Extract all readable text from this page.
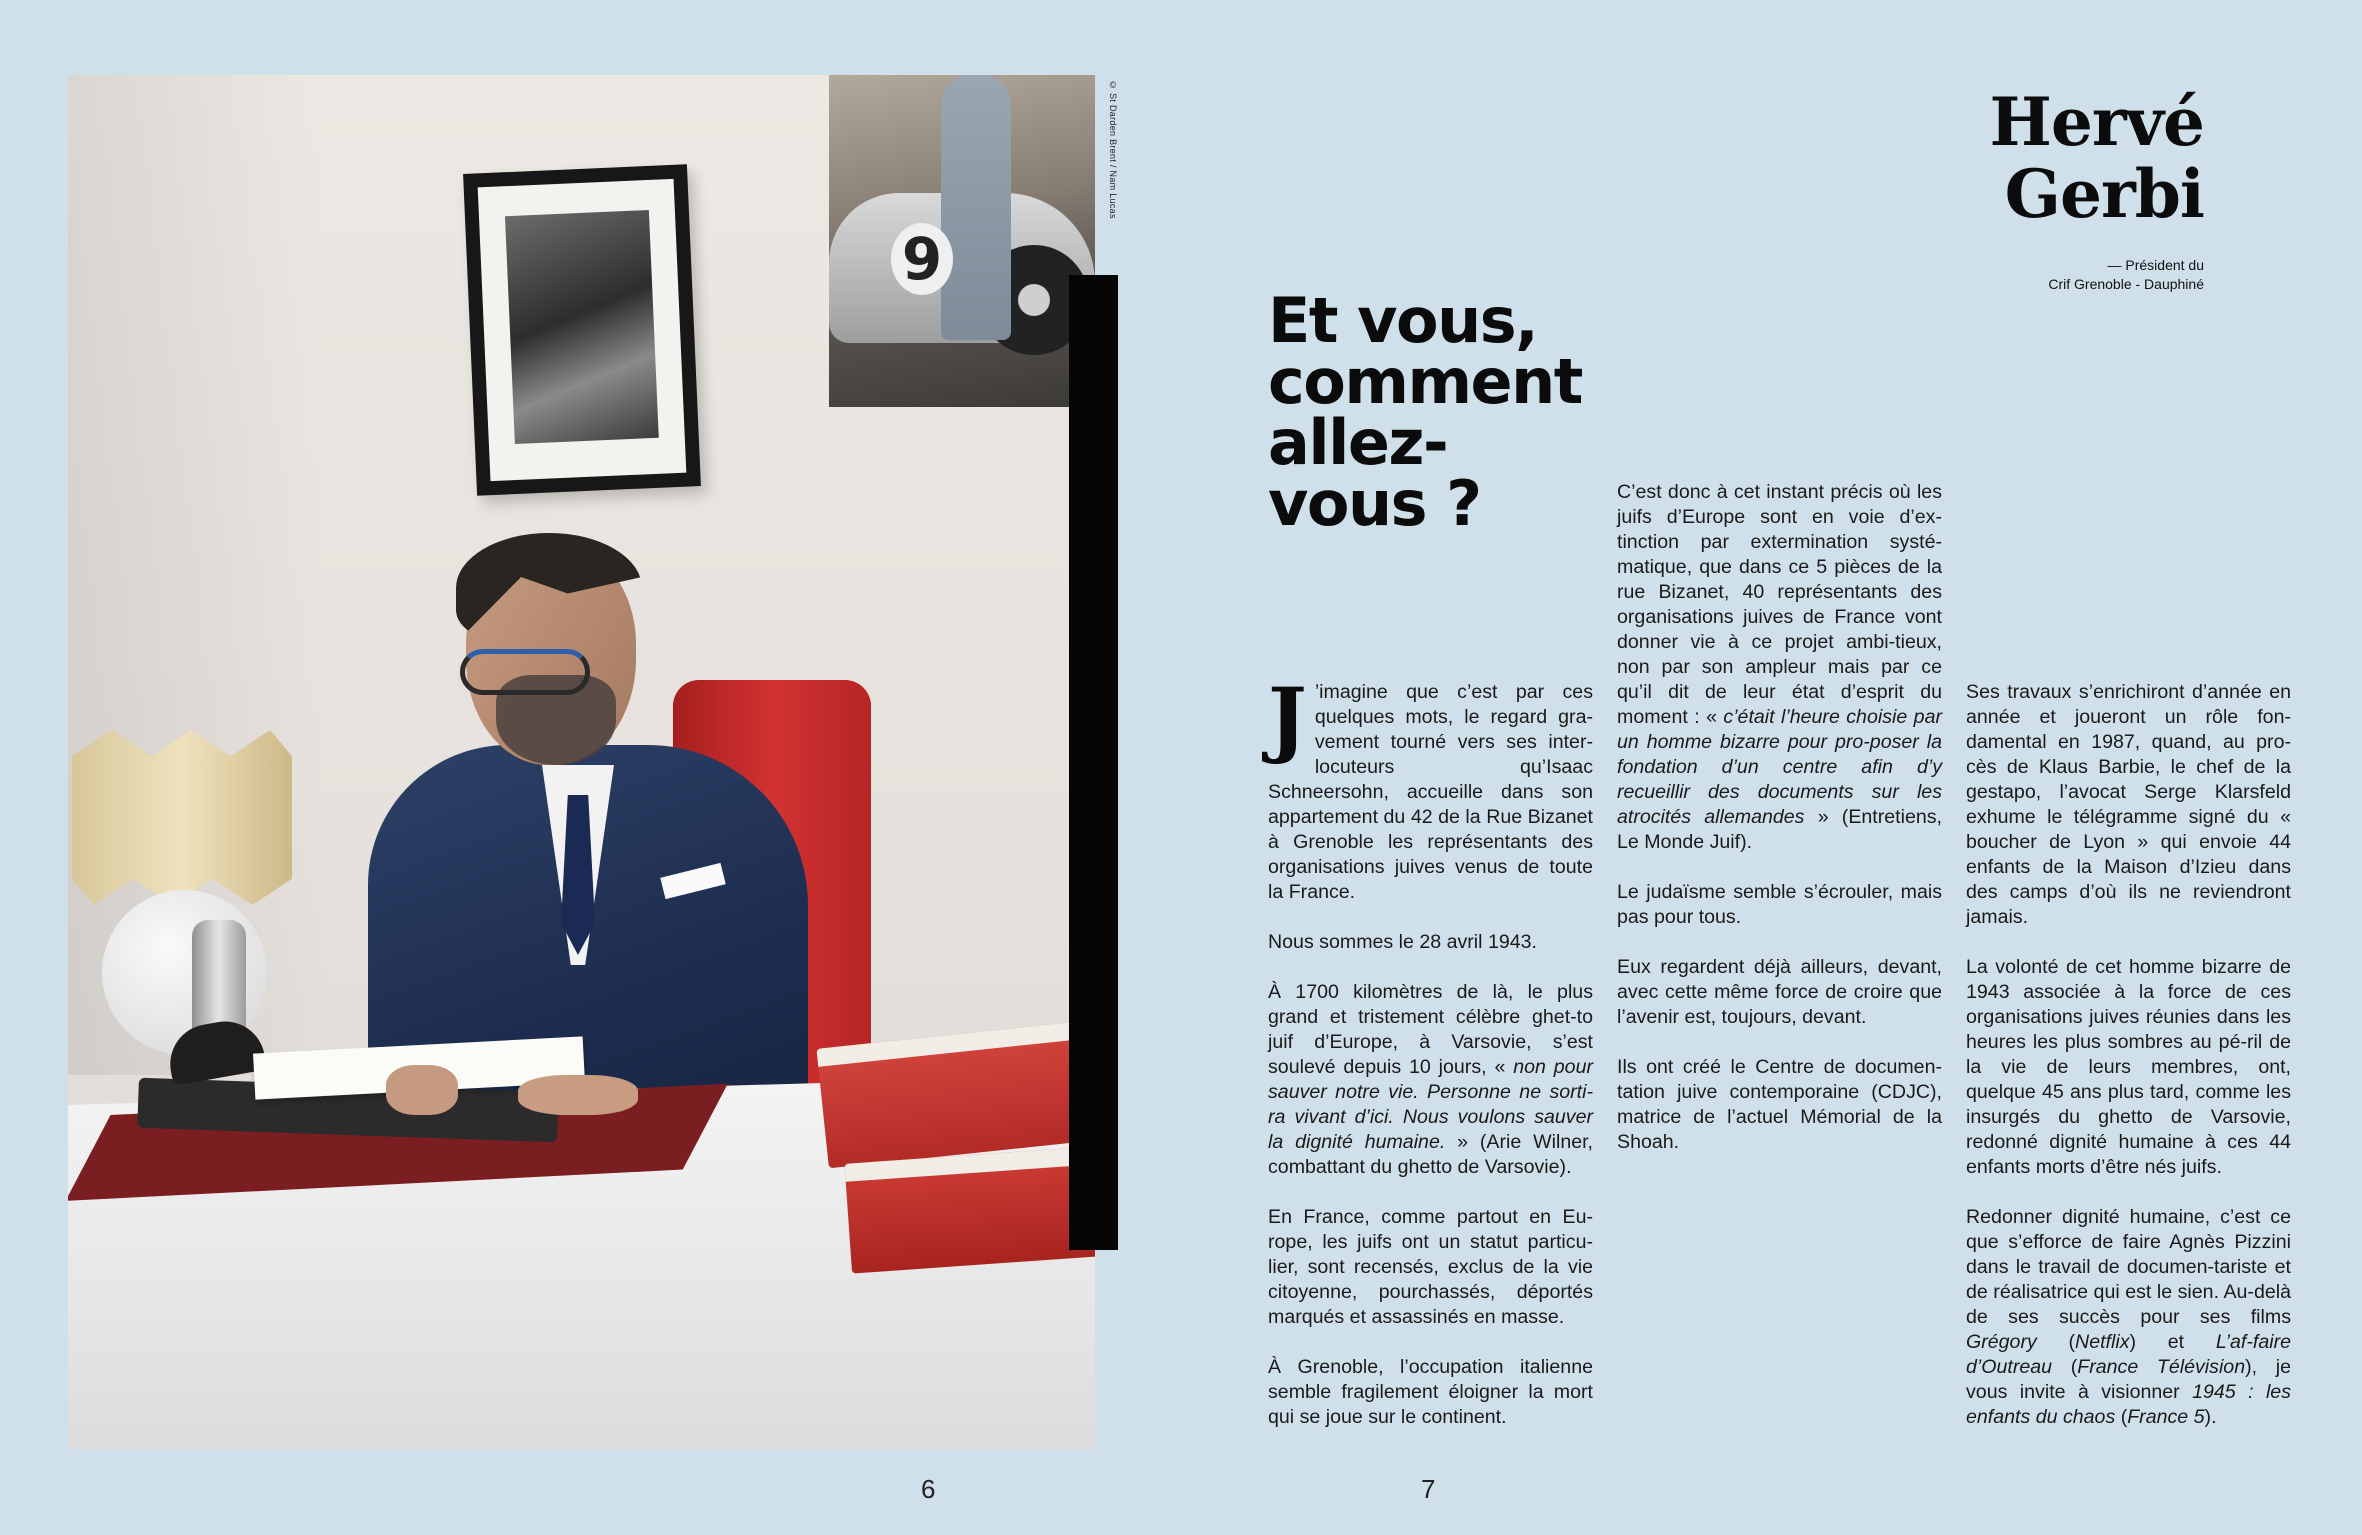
9
© St Darden Brent / Nam Lucas	Hervé
Gerbi
— Président du
Crif Grenoble - Dauphiné
Et vous,
comment
allez-
vous ?

J ’imagine que c’est par ces quelques mots, le regard gra-vement tourné vers ses inter-locuteurs qu’Isaac Schneersohn, accueille dans son appartement du 42 de la Rue Bizanet à Grenoble les représentants des organisations juives venus de toute la France.

Nous sommes le 28 avril 1943.

À 1700 kilomètres de là, le plus grand et tristement célèbre ghet-to juif d’Europe, à Varsovie, s’est soulevé depuis 10 jours, « non pour sauver notre vie. Personne ne sorti-ra vivant d’ici. Nous voulons sauver la dignité humaine. » (Arie Wilner, combattant du ghetto de Varsovie).

En France, comme partout en Eu-rope, les juifs ont un statut particu-lier, sont recensés, exclus de la vie citoyenne, pourchassés, déportés marqués et assassinés en masse.

À Grenoble, l’occupation italienne semble fragilement éloigner la mort qui se joue sur le continent.

C’est donc à cet instant précis où les juifs d’Europe sont en voie d’ex-tinction par extermination systé-matique, que dans ce 5 pièces de la rue Bizanet, 40 représentants des organisations juives de France vont donner vie à ce projet ambi-tieux, non par son ampleur mais par ce qu’il dit de leur état d’esprit du moment : « c’était l’heure choisie par un homme bizarre pour pro-poser la fondation d’un centre afin d’y recueillir des documents sur les atrocités allemandes » (Entretiens, Le Monde Juif).

Le judaïsme semble s’écrouler, mais pas pour tous.

Eux regardent déjà ailleurs, devant, avec cette même force de croire que l’avenir est, toujours, devant.

Ils ont créé le Centre de documen-tation juive contemporaine (CDJC), matrice de l’actuel Mémorial de la Shoah.

Ses travaux s’enrichiront d’année en année et joueront un rôle fon-damental en 1987, quand, au pro-cès de Klaus Barbie, le chef de la gestapo, l’avocat Serge Klarsfeld exhume le télégramme signé du « boucher de Lyon » qui envoie 44 enfants de la Maison d’Izieu dans des camps d’où ils ne reviendront jamais.

La volonté de cet homme bizarre de 1943 associée à la force de ces organisations juives réunies dans les heures les plus sombres au pé-ril de la vie de leurs membres, ont, quelque 45 ans plus tard, comme les insurgés du ghetto de Varsovie, redonné dignité humaine à ces 44 enfants morts d’être nés juifs.

Redonner dignité humaine, c’est ce que s’efforce de faire Agnès Pizzini dans le travail de documen-tariste et de réalisatrice qui est le sien. Au-delà de ses succès pour ses films Grégory (Netflix) et L’af-faire d’Outreau (France Télévision), je vous invite à visionner 1945 : les enfants du chaos (France 5).

6	7
